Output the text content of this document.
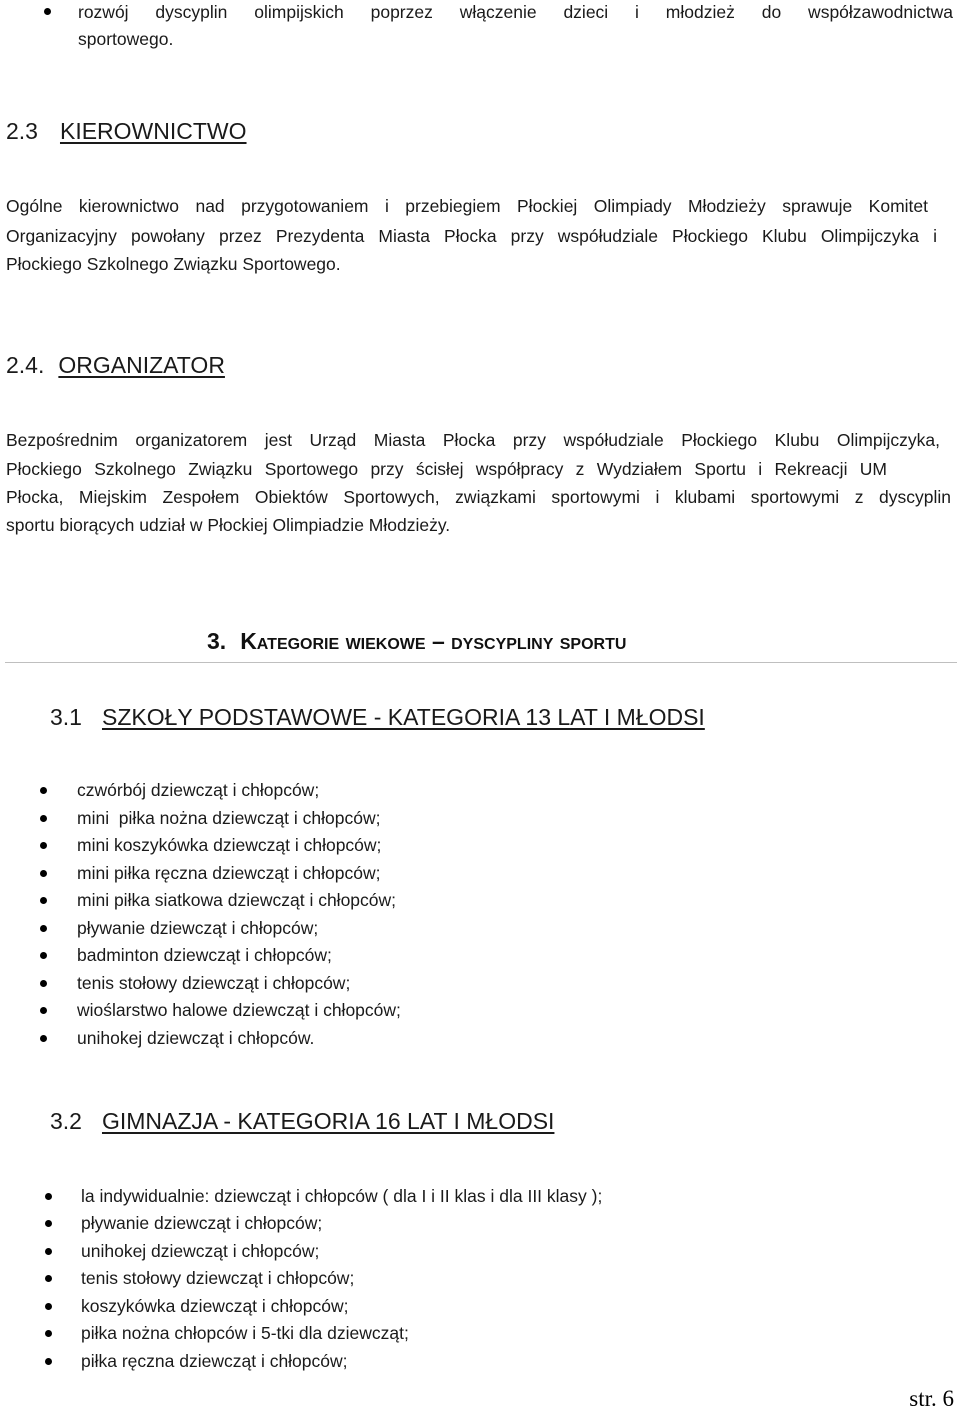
rozwój dyscyplin olimpijskich poprzez włączenie dzieci i młodzież do współzawodnictwa
sportowego.
2.3 KIEROWNICTWO
Ogólne kierownictwo nad przygotowaniem i przebiegiem Płockiej Olimpiady Młodzieży sprawuje Komitet
Organizacyjny powołany przez Prezydenta Miasta Płocka przy współudziale Płockiego Klubu Olimpijczyka i
Płockiego Szkolnego Związku Sportowego.
2.4. ORGANIZATOR
Bezpośrednim organizatorem jest Urząd Miasta Płocka przy współudziale Płockiego Klubu Olimpijczyka,
Płockiego Szkolnego Związku Sportowego przy ścisłej współpracy z Wydziałem Sportu i Rekreacji UM
Płocka, Miejskim Zespołem Obiektów Sportowych, związkami sportowymi i klubami sportowymi z dyscyplin
sportu biorących udział w Płockiej Olimpiadzie Młodzieży.
3. Kategorie wiekowe – dyscypliny sportu
3.1 SZKOŁY PODSTAWOWE - KATEGORIA 13 LAT I MŁODSI
czwórbój dziewcząt i chłopców;
mini  piłka nożna dziewcząt i chłopców;
mini koszykówka dziewcząt i chłopców;
mini piłka ręczna dziewcząt i chłopców;
mini piłka siatkowa dziewcząt i chłopców;
pływanie dziewcząt i chłopców;
badminton dziewcząt i chłopców;
tenis stołowy dziewcząt i chłopców;
wioślarstwo halowe dziewcząt i chłopców;
unihokej dziewcząt i chłopców.
3.2 GIMNAZJA - KATEGORIA 16 LAT I MŁODSI
la indywidualnie: dziewcząt i chłopców ( dla I i II klas i dla III klasy );
pływanie dziewcząt i chłopców;
unihokej dziewcząt i chłopców;
tenis stołowy dziewcząt i chłopców;
koszykówka dziewcząt i chłopców;
piłka nożna chłopców i 5-tki dla dziewcząt;
piłka ręczna dziewcząt i chłopców;
str. 6
